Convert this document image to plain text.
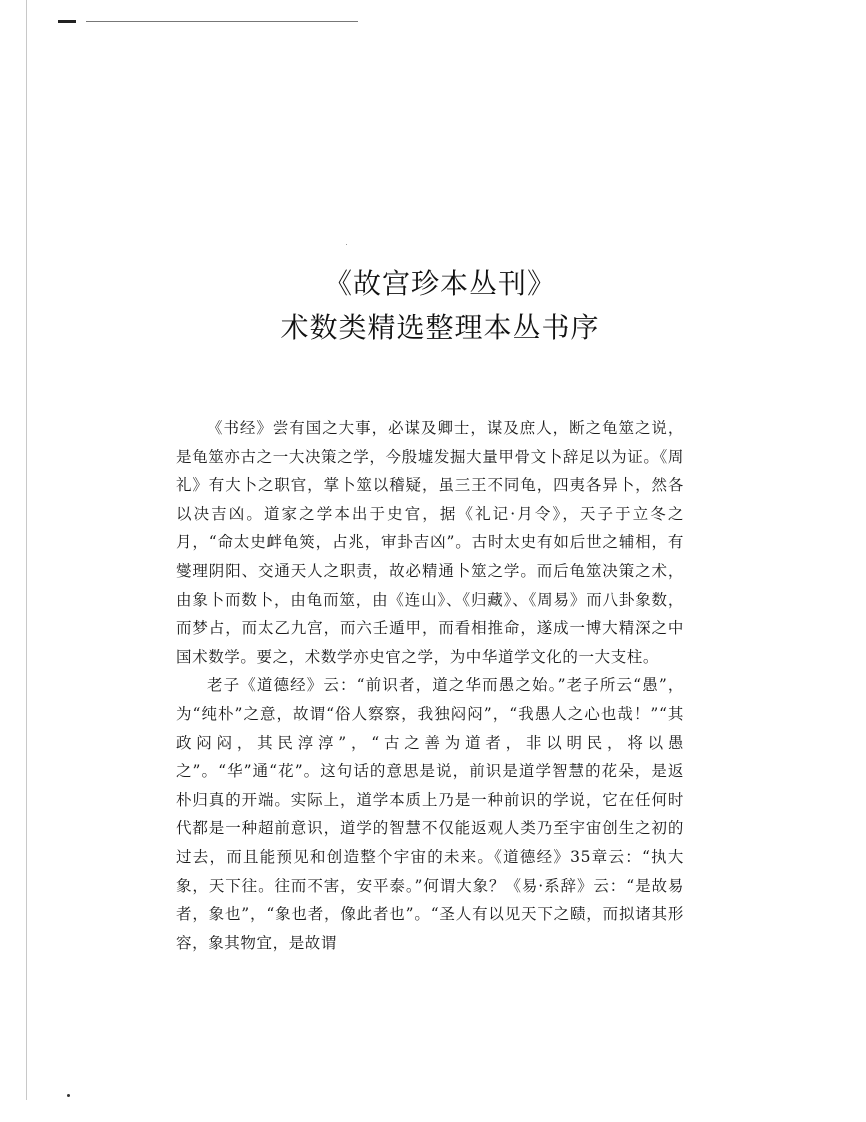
《故宫珍本丛刊》
术数类精选整理本丛书序

《书经》尝有国之大事，必谋及卿士，谋及庶人，断之龟筮之说，是龟筮亦古之一大决策之学，今殷墟发掘大量甲骨文卜辞足以为证。《周礼》有大卜之职官，掌卜筮以稽疑，虽三王不同龟，四夷各异卜，然各以决吉凶。道家之学本出于史官，据《礼记·月令》，天子于立冬之月，“命太史衅龟筴，占兆，审卦吉凶”。古时太史有如后世之辅相，有燮理阴阳、交通天人之职责，故必精通卜筮之学。而后龟筮决策之术，由象卜而数卜，由龟而筮，由《连山》、《归藏》、《周易》而八卦象数，而梦占，而太乙九宫，而六壬遁甲，而看相推命，遂成一博大精深之中国术数学。要之，术数学亦史官之学，为中华道学文化的一大支柱。

老子《道德经》云：“前识者，道之华而愚之始。”老子所云“愚”，为“纯朴”之意，故谓“俗人察察，我独闷闷”，“我愚人之心也哉！”“其政闷闷，其民淳淳”，“古之善为道者，非以明民，将以愚之”。“华”通“花”。这句话的意思是说，前识是道学智慧的花朵，是返朴归真的开端。实际上，道学本质上乃是一种前识的学说，它在任何时代都是一种超前意识，道学的智慧不仅能返观人类乃至宇宙创生之初的过去，而且能预见和创造整个宇宙的未来。《道德经》35章云：“执大象，天下往。往而不害，安平泰。”何谓大象？《易·系辞》云：“是故易者，象也”，“象也者，像此者也”。“圣人有以见天下之赜，而拟诸其形容，象其物宜，是故谓
